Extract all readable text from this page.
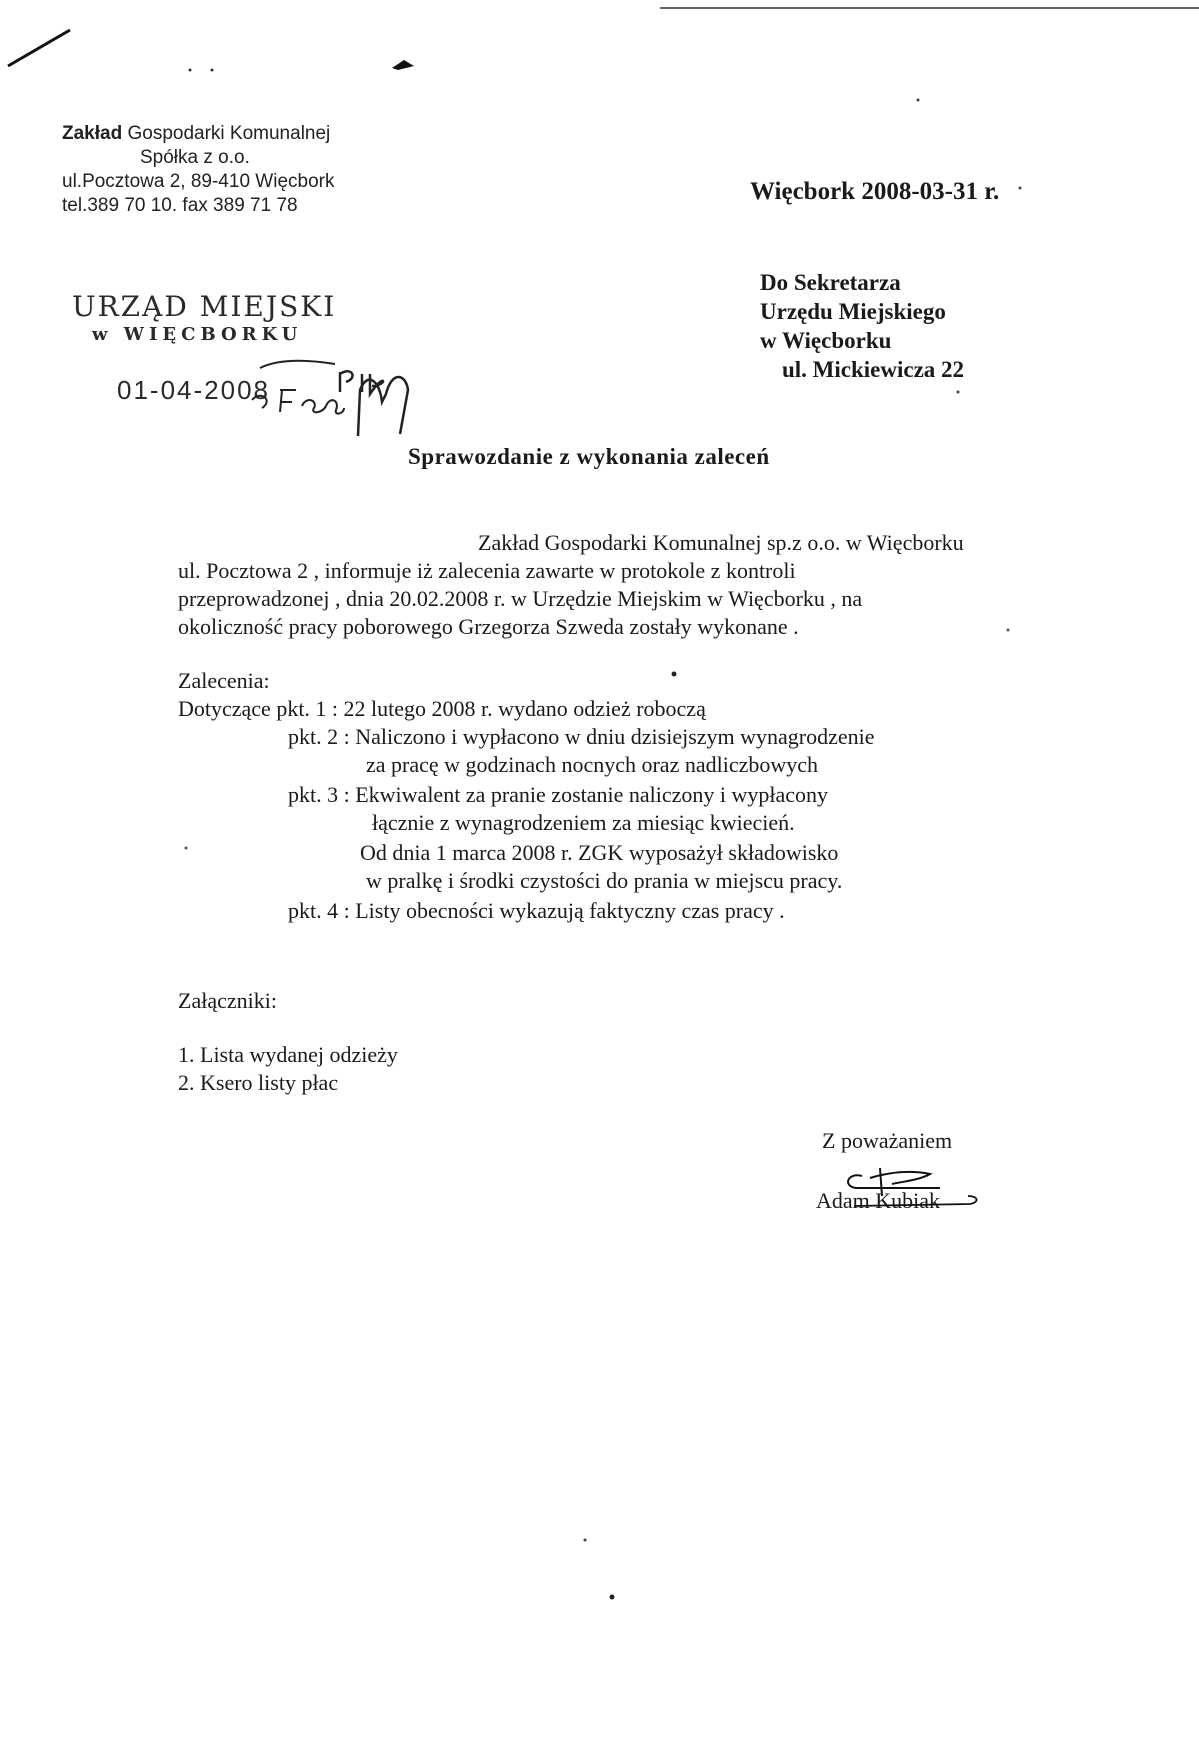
Zakład Gospodarki Komunalnej
Spółka z o.o.
ul.Pocztowa 2, 89-410 Więcbork
tel.389 70 10. fax 389 71 78
Więcbork 2008-03-31 r.
Do Sekretarza
Urzędu Miejskiego
w Więcborku
ul. Mickiewicza 22
URZĄD MIEJSKI
w WIĘCBORKU
01-04-2008
Sprawozdanie z wykonania zaleceń
Zakład Gospodarki Komunalnej sp.z o.o. w Więcborku
ul. Pocztowa 2 , informuje iż zalecenia zawarte w protokole z kontroli
przeprowadzonej , dnia 20.02.2008 r. w Urzędzie Miejskim w Więcborku , na
okoliczność pracy poborowego Grzegorza Szweda zostały wykonane .
Zalecenia:
Dotyczące pkt. 1 : 22 lutego 2008 r. wydano odzież roboczą
pkt. 2 : Naliczono i wypłacono w dniu dzisiejszym wynagrodzenie
za pracę w godzinach nocnych oraz nadliczbowych
pkt. 3 : Ekwiwalent za pranie zostanie naliczony i wypłacony
łącznie z wynagrodzeniem za miesiąc kwiecień.
Od dnia 1 marca 2008 r. ZGK wyposażył składowisko
w pralkę i środki czystości do prania w miejscu pracy.
pkt. 4 : Listy obecności wykazują faktyczny czas pracy .
Załączniki:
1. Lista wydanej odzieży
2. Ksero listy płac
Z poważaniem
Adam Kubiak
